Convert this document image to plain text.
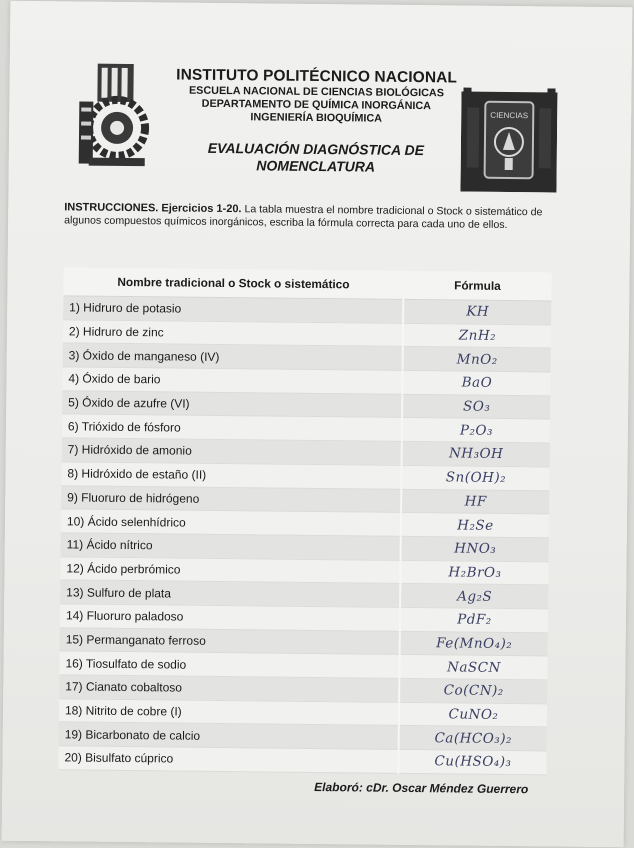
INSTITUTO POLITÉCNICO NACIONAL
ESCUELA NACIONAL DE CIENCIAS BIOLÓGICAS
DEPARTAMENTO DE QUÍMICA INORGÁNICA
INGENIERÍA BIOQUÍMICA
EVALUACIÓN DIAGNÓSTICA DE
NOMENCLATURA
CIENCIAS
INSTRUCCIONES. Ejercicios 1-20. La tabla muestra el nombre tradicional o Stock o sistemático de algunos compuestos químicos inorgánicos, escriba la fórmula correcta para cada uno de ellos.
Nombre tradicional o Stock o sistemático	Fórmula
1) Hidruro de potasio	KH
2) Hidruro de zinc	ZnH₂
3) Óxido de manganeso (IV)	MnO₂
4) Óxido de bario	BaO
5) Óxido de azufre (VI)	SO₃
6) Trióxido de fósforo	P₂O₃
7) Hidróxido de amonio	NH₃OH
8) Hidróxido de estaño (II)	Sn(OH)₂
9) Fluoruro de hidrógeno	HF
10) Ácido selenhídrico	H₂Se
11) Ácido nítrico	HNO₃
12) Ácido perbrómico	H₂BrO₃
13) Sulfuro de plata	Ag₂S
14) Fluoruro paladoso	PdF₂
15) Permanganato ferroso	Fe(MnO₄)₂
16) Tiosulfato de sodio	NaSCN
17) Cianato cobaltoso	Co(CN)₂
18) Nitrito de cobre (I)	CuNO₂
19) Bicarbonato de calcio	Ca(HCO₃)₂
20) Bisulfato cúprico	Cu(HSO₄)₃
Elaboró: cDr. Oscar Méndez Guerrero
